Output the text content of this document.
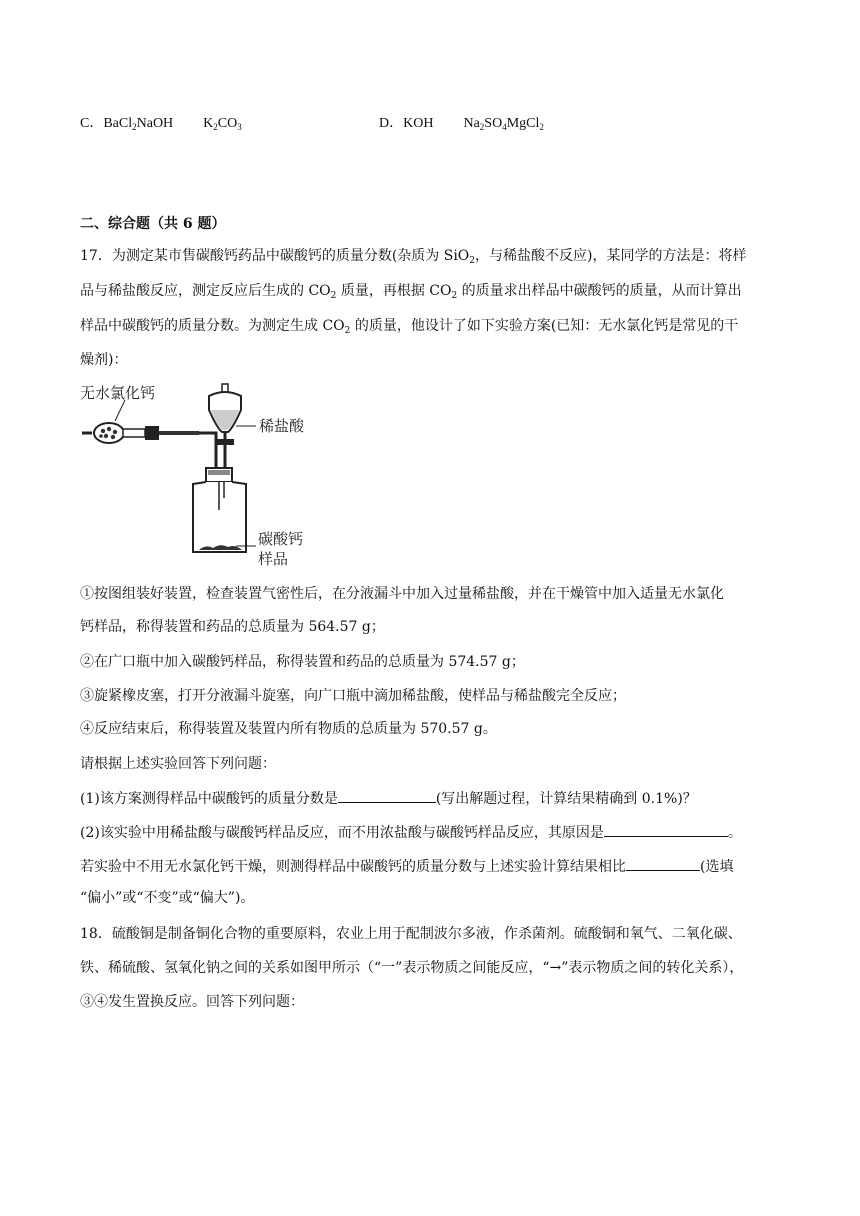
C．BaCl$_2$NaOH $K_2CO_3$	D．KOH $Na_2SO_4MgCl_2$
二、综合题（共 6 题）
17．为测定某市售碳酸钙药品中碳酸钙的质量分数(杂质为 SiO$_2$，与稀盐酸不反应)，某同学的方法是：将样
品与稀盐酸反应，测定反应后生成的 $CO_2$ 质量，再根据 $CO_2$ 的质量求出样品中碳酸钙的质量，从而计算出
样品中碳酸钙的质量分数。为测定生成 $CO_2$ 的质量，他设计了如下实验方案(已知：无水氯化钙是常见的干
燥剂)：
无水氯化钙
稀盐酸
碳酸钙
样品
①按图组装好装置，检查装置气密性后，在分液漏斗中加入过量稀盐酸，并在干燥管中加入适量无水氯化
钙样品，称得装置和药品的总质量为 564.57 g；
②在广口瓶中加入碳酸钙样品，称得装置和药品的总质量为 574.57 g；
③旋紧橡皮塞，打开分液漏斗旋塞，向广口瓶中滴加稀盐酸，使样品与稀盐酸完全反应；
④反应结束后，称得装置及装置内所有物质的总质量为 570.57 g。
请根据上述实验回答下列问题：
(1)该方案测得样品中碳酸钙的质量分数是	(写出解题过程，计算结果精确到 0.1%)？
(2)该实验中用稀盐酸与碳酸钙样品反应，而不用浓盐酸与碳酸钙样品反应，其原因是	。
若实验中不用无水氯化钙干燥，则测得样品中碳酸钙的质量分数与上述实验计算结果相比	(选填
“偏小”或“不变”或“偏大”)。
18．硫酸铜是制备铜化合物的重要原料，农业上用于配制波尔多液，作杀菌剂。硫酸铜和氧气、二氧化碳、
铁、稀硫酸、氢氧化钠之间的关系如图甲所示（“一”表示物质之间能反应，“→”表示物质之间的转化关系），
③④发生置换反应。回答下列问题：
